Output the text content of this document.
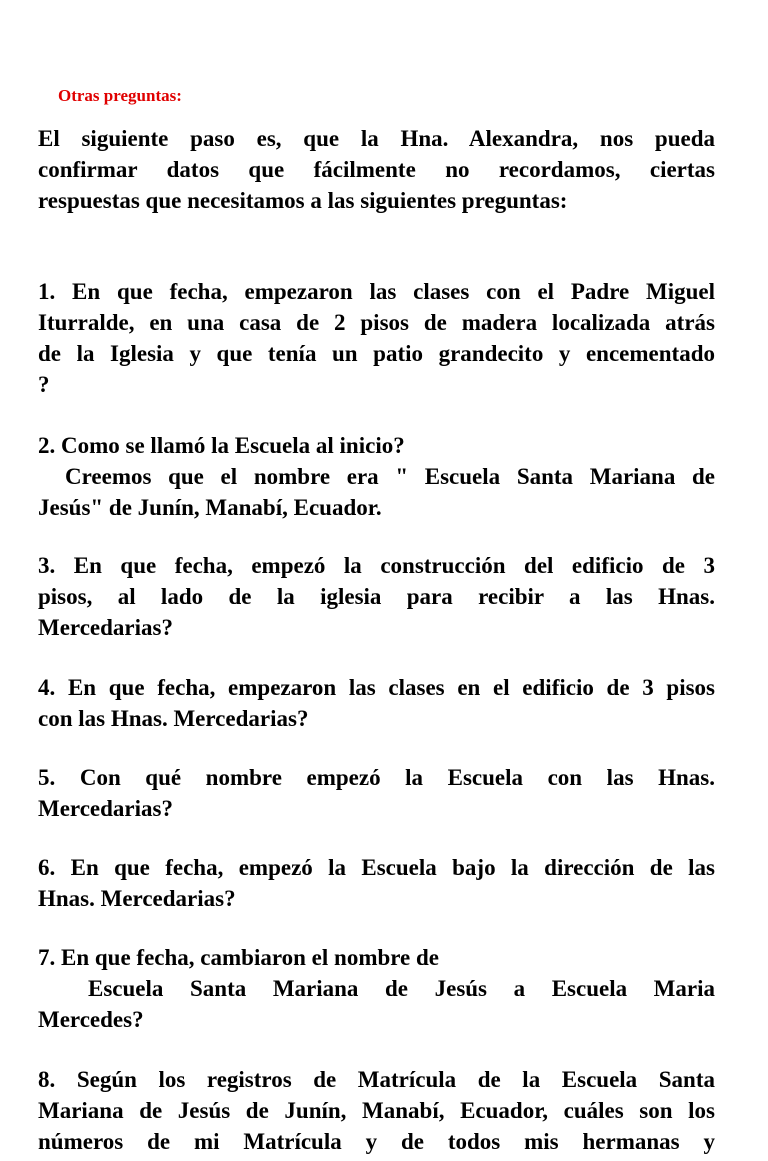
Otras preguntas:
El siguiente paso es, que la Hna. Alexandra, nos pueda
confirmar datos que fácilmente no recordamos, ciertas
respuestas que necesitamos a las siguientes preguntas:
1. En que fecha, empezaron las clases con el Padre Miguel
Iturralde, en una casa de 2 pisos de madera localizada atrás
de la Iglesia y que tenía un patio grandecito y encementado
?
2. Como se llamó la Escuela al inicio?
Creemos que el nombre era " Escuela Santa Mariana de
Jesús" de Junín, Manabí, Ecuador.
3. En que fecha, empezó la construcción del edificio de 3
pisos, al lado de la iglesia para recibir a las Hnas.
Mercedarias?
4. En que fecha, empezaron las clases en el edificio de 3 pisos
con las Hnas. Mercedarias?
5. Con qué nombre empezó la Escuela con las Hnas.
Mercedarias?
6. En que fecha, empezó la Escuela bajo la dirección de las
Hnas. Mercedarias?
7. En que fecha, cambiaron el nombre de
Escuela Santa Mariana de Jesús a Escuela Maria
Mercedes?
8. Según los registros de Matrícula de la Escuela Santa
Mariana de Jesús de Junín, Manabí, Ecuador, cuáles son los
números de mi Matrícula y de todos mis hermanas y
